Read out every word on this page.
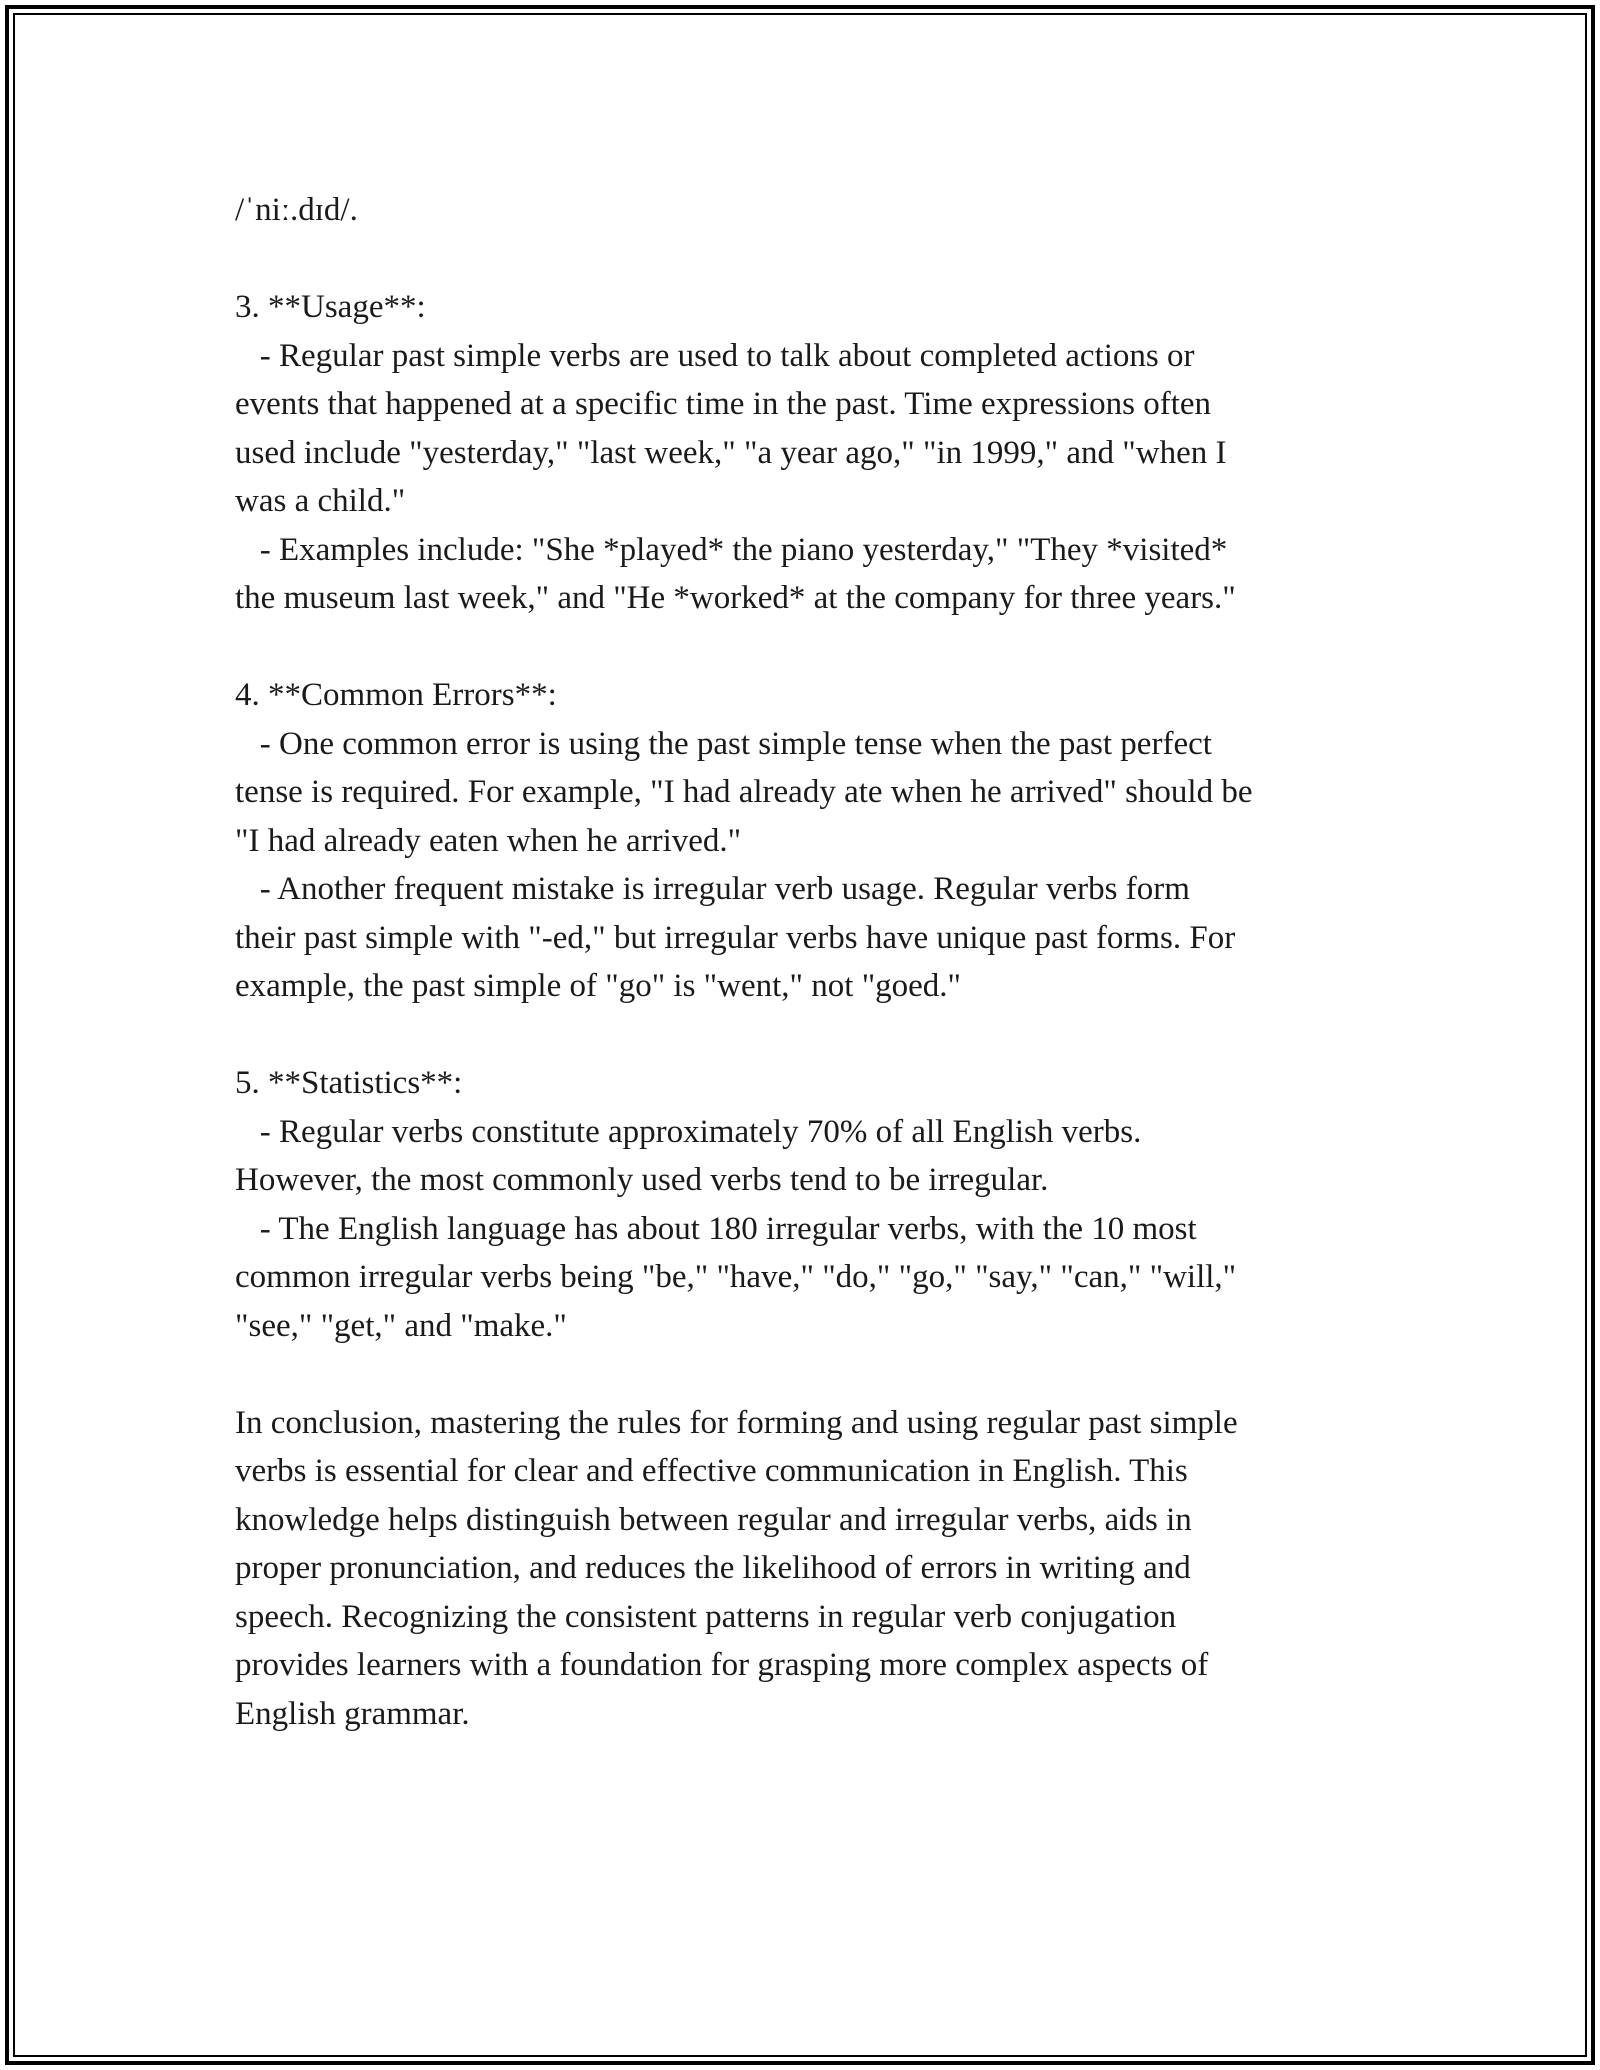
/ˈniː.dɪd/.

3. **Usage**:

- Regular past simple verbs are used to talk about completed actions or

events that happened at a specific time in the past. Time expressions often

used include "yesterday," "last week," "a year ago," "in 1999," and "when I

was a child."

- Examples include: "She *played* the piano yesterday," "They *visited*

the museum last week," and "He *worked* at the company for three years."

4. **Common Errors**:

- One common error is using the past simple tense when the past perfect

tense is required. For example, "I had already ate when he arrived" should be

"I had already eaten when he arrived."

- Another frequent mistake is irregular verb usage. Regular verbs form

their past simple with "-ed," but irregular verbs have unique past forms. For

example, the past simple of "go" is "went," not "goed."

5. **Statistics**:

- Regular verbs constitute approximately 70% of all English verbs.

However, the most commonly used verbs tend to be irregular.

- The English language has about 180 irregular verbs, with the 10 most

common irregular verbs being "be," "have," "do," "go," "say," "can," "will,"

"see," "get," and "make."

In conclusion, mastering the rules for forming and using regular past simple

verbs is essential for clear and effective communication in English. This

knowledge helps distinguish between regular and irregular verbs, aids in

proper pronunciation, and reduces the likelihood of errors in writing and

speech. Recognizing the consistent patterns in regular verb conjugation

provides learners with a foundation for grasping more complex aspects of

English grammar.
